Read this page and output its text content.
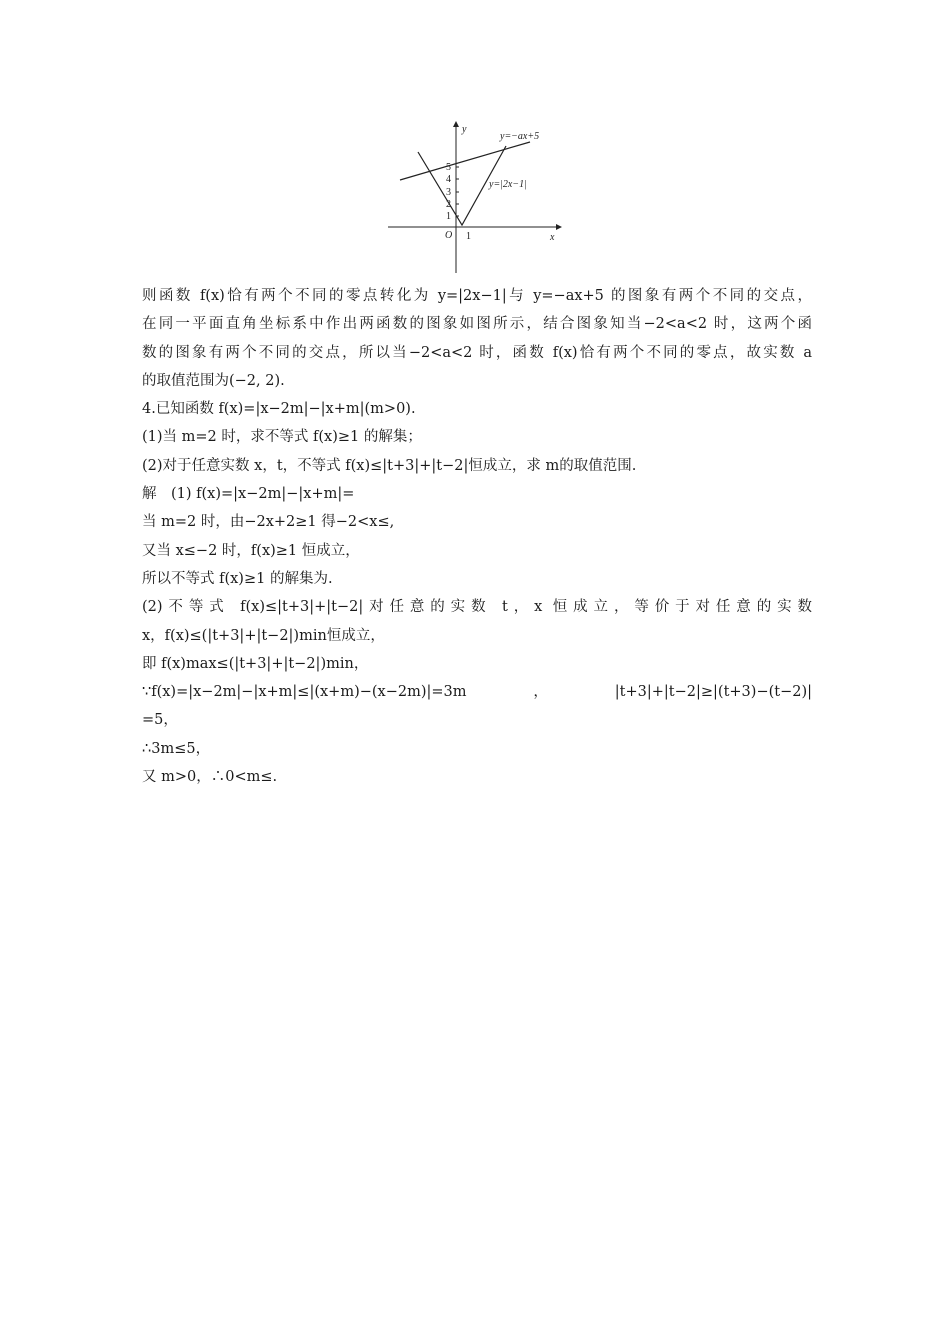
y
x
O 1
1
2
3
4
5
y=−ax+5
y=|2x−1|
则函数 f(x)恰有两个不同的零点转化为 y=|2x−1|与 y=−ax+5 的图象有两个不同的交点，
在同一平面直角坐标系中作出两函数的图象如图所示，结合图象知当−2<a<2 时，这两个函
数的图象有两个不同的交点，所以当−2<a<2 时，函数 f(x)恰有两个不同的零点，故实数 a
的取值范围为(−2, 2).
4.已知函数 f(x)=|x−2m|−|x+m|(m>0).
(1)当 m=2 时，求不等式 f(x)≥1 的解集；
(2)对于任意实数 x，t，不等式 f(x)≤|t+3|+|t−2|恒成立，求 m的取值范围.
解　(1) f(x)=|x−2m|−|x+m|=
当 m=2 时，由−2x+2≥1 得−2<x≤,
又当 x≤−2 时，f(x)≥1 恒成立，
所以不等式 f(x)≥1 的解集为.
(2)不等式 f(x)≤|t+3|+|t−2|对任意的实数 t，x 恒成立，等价于对任意的实数
x，f(x)≤(|t+3|+|t−2|)min恒成立，
即 f(x)max≤(|t+3|+|t−2|)min，
∵f(x)=|x−2m|−|x+m|≤|(x+m)−(x−2m)|=3m，|t+3|+|t−2|≥|(t+3)−(t−2)|
=5，
∴3m≤5，
又 m>0，∴0<m≤.
